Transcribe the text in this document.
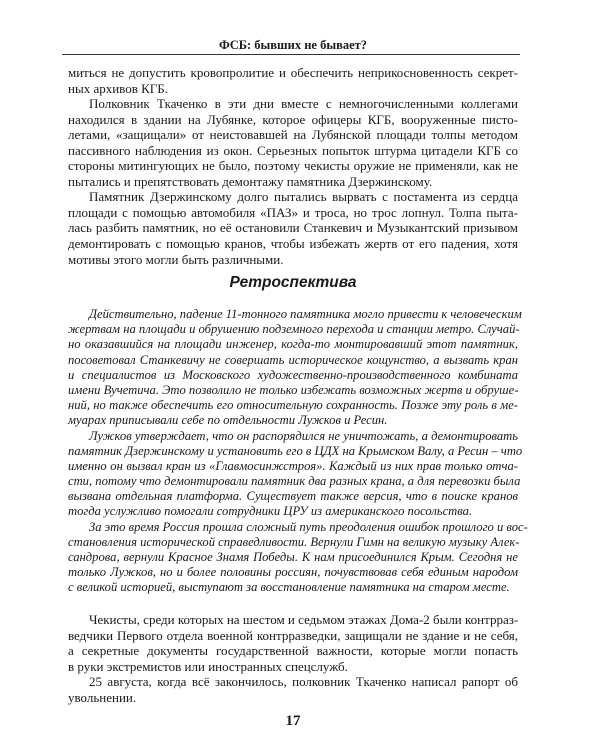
ФСБ: бывших не бывает?
миться не допустить кровопролитие и обеспечить неприкосновенность секрет-
ных архивов КГБ.
Полковник Ткаченко в эти дни вместе с немногочисленными коллегами
находился в здании на Лубянке, которое офицеры КГБ, вооруженные писто-
летами, «защищали» от неистовавшей на Лубянской площади толпы методом
пассивного наблюдения из окон. Серьезных попыток штурма цитадели КГБ со
стороны митингующих не было, поэтому чекисты оружие не применяли, как не
пытались и препятствовать демонтажу памятника Дзержинскому.
Памятник Дзержинскому долго пытались вырвать с постамента из сердца
площади с помощью автомобиля «ПАЗ» и троса, но трос лопнул. Толпа пыта-
лась разбить памятник, но её остановили Станкевич и Музыкантский призывом
демонтировать с помощью кранов, чтобы избежать жертв от его падения, хотя
мотивы этого могли быть различными.
Ретроспектива
Действительно, падение 11-тонного памятника могло привести к человеческим
жертвам на площади и обрушению подземного перехода и станции метро. Случай-
но оказавшийся на площади инженер, когда-то монтировавший этот памятник,
посоветовал Станкевичу не совершать историческое кощунство, а вызвать кран
и специалистов из Московского художественно-производственного комбината
имени Вучетича. Это позволило не только избежать возможных жертв и обруше-
ний, но также обеспечить его относительную сохранность. Позже эту роль в ме-
муарах приписывали себе по отдельности Лужков и Ресин.
Лужков утверждает, что он распорядился не уничтожать, а демонтировать
памятник Дзержинскому и установить его в ЦДХ на Крымском Валу, а Ресин – что
именно он вызвал кран из «Главмосинжстроя». Каждый из них прав только отча-
сти, потому что демонтировали памятник два разных крана, а для перевозки была
вызвана отдельная платформа. Существует также версия, что в поиске кранов
тогда услужливо помогали сотрудники ЦРУ из американского посольства.
За это время Россия прошла сложный путь преодоления ошибок прошлого и вос-
становления исторической справедливости. Вернули Гимн на великую музыку Алек-
сандрова, вернули Красное Знамя Победы. К нам присоединился Крым. Сегодня не
только Лужков, но и более половины россиян, почувствовав себя единым народом
с великой историей, выступают за восстановление памятника на старом месте.
Чекисты, среди которых на шестом и седьмом этажах Дома-2 были контрраз-
ведчики Первого отдела военной контрразведки, защищали не здание и не себя,
а секретные документы государственной важности, которые могли попасть
в руки экстремистов или иностранных спецслужб.
25 августа, когда всё закончилось, полковник Ткаченко написал рапорт об
увольнении.
17
